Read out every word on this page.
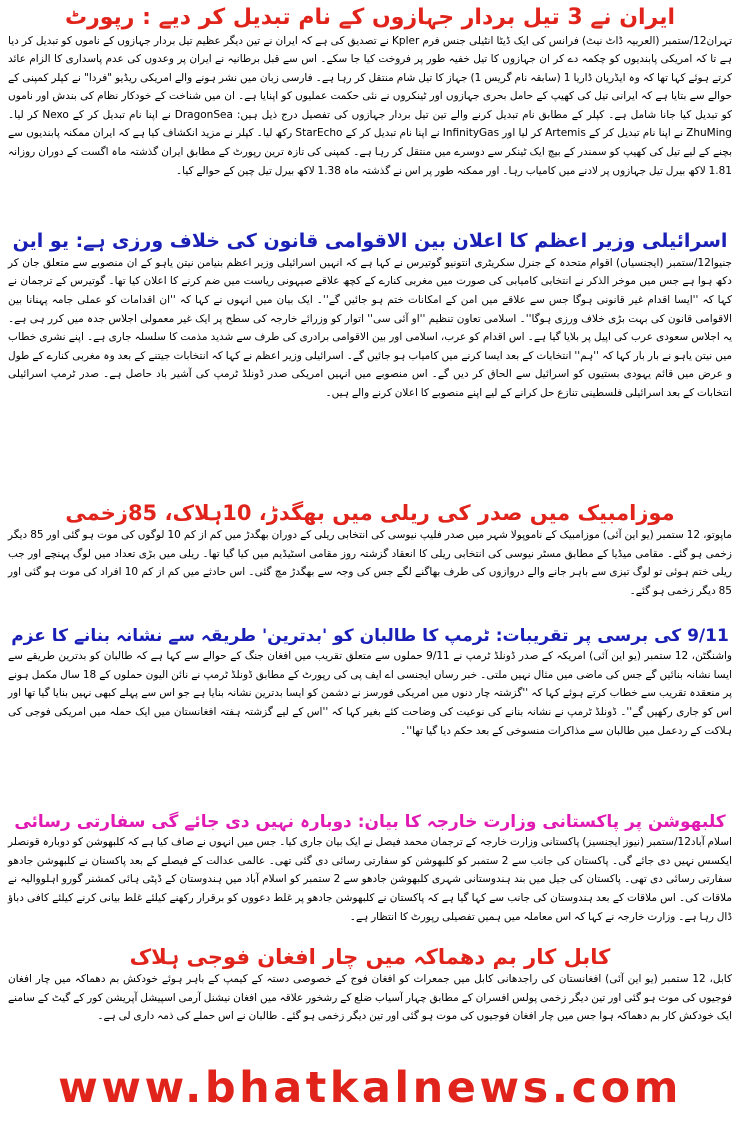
ایران نے 3 تیل بردار جہازوں کے نام تبدیل کر دیے : رپورٹ

تہران12/ستمبر (العربیہ ڈاٹ نیٹ) فرانس کی ایک ڈیٹا انٹیلی جنس فرم Kpler نے تصدیق کی ہے کہ ایران نے تین دیگر عظیم تیل بردار جہازوں کے ناموں کو تبدیل کر دیا ہے تا کہ امریکی پابندیوں کو چکمہ دے کر ان جہازوں کا تیل خفیہ طور پر فروخت کیا جا سکے۔ اس سے قبل برطانیہ نے ایران پر وعدوں کی عدم پاسداری کا الزام عائد کرتے ہوئے کہا تھا کہ وہ ایڈریان ڈاریا 1 (سابقہ نام گریس 1) جہاز کا تیل شام منتقل کر رہا ہے۔ فارسی زبان میں نشر ہونے والے امریکی ریڈیو "فردا" نے کپلر کمپنی کے حوالے سے بتایا ہے کہ ایرانی تیل کی کھیپ کے حامل بحری جہازوں اور ٹینکروں نے نئی حکمت عملیوں کو اپنایا ہے۔ ان میں شناخت کے خودکار نظام کی بندش اور ناموں کو تبدیل کیا جانا شامل ہے۔ کپلر کے مطابق نام تبدیل کرنے والے تین تیل بردار جہازوں کی تفصیل درج ذیل ہیں: DragonSea نے اپنا نام تبدیل کر کے Nexo کر لیا۔ ZhuMing نے اپنا نام تبدیل کر کے Artemis کر لیا اور InfinityGas نے اپنا نام تبدیل کر کے StarEcho رکھ لیا۔ کپلر نے مزید انکشاف کیا ہے کہ ایران ممکنہ پابندیوں سے بچنے کے لیے تیل کی کھیپ کو سمندر کے بیچ ایک ٹینکر سے دوسرے میں منتقل کر رہا ہے۔ کمپنی کی تازہ ترین رپورٹ کے مطابق ایران گذشتہ ماہ اگست کے دوران روزانہ 1.81 لاکھ بیرل تیل جہازوں پر لادنے میں کامیاب رہا۔ اور ممکنہ طور پر اس نے گذشتہ ماہ 1.38 لاکھ بیرل تیل چین کے حوالے کیا۔

اسرائیلی وزیر اعظم کا اعلان بین الاقوامی قانون کی خلاف ورزی ہے: یو این

جنیوا12/ستمبر (ایجنسیاں) اقوام متحدہ کے جنرل سکریٹری انتونیو گوتیرس نے کہا ہے کہ انہیں اسرائیلی وزیر اعظم بنیامن نیتن یاہو کے ان منصوبے سے متعلق جان کر دکھ ہوا ہے جس میں موخر الذکر نے انتخابی کامیابی کی صورت میں مغربی کنارے کے کچھ علاقے صیہونی ریاست میں ضم کرنے کا اعلان کیا تھا۔ گوتیرس کے ترجمان نے کہا کہ ''ایسا اقدام غیر قانونی ہوگا جس سے علاقے میں امن کے امکانات ختم ہو جائیں گے''۔ ایک بیان میں انہوں نے کہا کہ ''ان اقدامات کو عملی جامہ پہنانا بین الاقوامی قانون کی بہت بڑی خلاف ورزی ہوگا''۔ اسلامی تعاون تنظیم ''او آئی سی'' اتوار کو وزرائے خارجہ کی سطح پر ایک غیر معمولی اجلاس جدہ میں کرر ہی ہے۔ یہ اجلاس سعودی عرب کی اپیل پر بلایا گیا ہے۔ اس اقدام کو عرب، اسلامی اور بین الاقوامی برادری کی طرف سے شدید مذمت کا سلسلہ جاری ہے۔ اپنے نشری خطاب میں نیتن یاہو نے بار بار کہا کہ ''ہم'' انتخابات کے بعد ایسا کرنے میں کامیاب ہو جائیں گے۔ اسرائیلی وزیر اعظم نے کہا کہ انتخابات جیتنے کے بعد وہ مغربی کنارے کے طول و عرض میں قائم یہودی بستیوں کو اسرائیل سے الحاق کر دیں گے۔ اس منصوبے میں انہیں امریکی صدر ڈونلڈ ٹرمپ کی آشیر باد حاصل ہے۔ صدر ٹرمپ اسرائیلی انتخابات کے بعد اسرائیلی فلسطینی تنازع حل کرانے کے لیے اپنے منصوبے کا اعلان کرنے والے ہیں۔

موزامبیک میں صدر کی ریلی میں بھگدڑ، 10ہلاک، 85زخمی

ماپوتو، 12 ستمبر (یو این آئی) موزامبیک کے ناموپولا شہر میں صدر فلیپ نیوسی کی انتخابی ریلی کے دوران بھگدڑ میں کم از کم 10 لوگوں کی موت ہو گئی اور 85 دیگر زخمی ہو گئے۔ مقامی میڈیا کے مطابق مسٹر نیوسی کی انتخابی ریلی کا انعقاد گزشتہ روز مقامی اسٹیڈیم میں کیا گیا تھا۔ ریلی میں بڑی تعداد میں لوگ پہنچے اور جب ریلی ختم ہوئی تو لوگ تیزی سے باہر جانے والے دروازوں کی طرف بھاگنے لگے جس کی وجہ سے بھگدڑ مچ گئی۔ اس حادثے میں کم از کم 10 افراد کی موت ہو گئی اور 85 دیگر زخمی ہو گئے۔

9/11 کی برسی پر تقریبات: ٹرمپ کا طالبان کو 'بدترین' طریقہ سے نشانہ بنانے کا عزم

واشنگٹن، 12 ستمبر (یو این آئی) امریکہ کے صدر ڈونلڈ ٹرمپ نے 9/11 حملوں سے متعلق تقریب میں افغان جنگ کے حوالے سے کہا ہے کہ طالبان کو بدترین طریقے سے ایسا نشانہ بنائیں گے جس کی ماضی میں مثال نہیں ملتی۔ خبر رساں ایجنسی اے ایف پی کی رپورٹ کے مطابق ڈونلڈ ٹرمپ نے نائن الیون حملوں کے 18 سال مکمل ہونے پر منعقدہ تقریب سے خطاب کرتے ہوئے کہا کہ ''گزشتہ چار دنوں میں امریکی فورسز نے دشمن کو ایسا بدترین نشانہ بنایا ہے جو اس سے پہلے کبھی نہیں بنایا گیا تھا اور اس کو جاری رکھیں گے''۔ ڈونلڈ ٹرمپ نے نشانہ بنانے کی نوعیت کی وضاحت کئے بغیر کہا کہ ''اس کے لیے گزشتہ ہفتہ افغانستان میں ایک حملہ میں امریکی فوجی کی ہلاکت کے ردعمل میں طالبان سے مذاکرات منسوخی کے بعد حکم دیا گیا تھا''۔

کلبھوشن پر پاکستانی وزارت خارجہ کا بیان: دوبارہ نہیں دی جائے گی سفارتی رسائی

اسلام آباد12/ستمبر (نیوز ایجنسیز) پاکستانی وزارت خارجہ کے ترجمان محمد فیصل نے ایک بیان جاری کیا۔ جس میں انہوں نے صاف کیا ہے کہ کلبھوشن کو دوبارہ قونصلر ایکسس نہیں دی جائے گی۔ پاکستان کی جانب سے 2 ستمبر کو کلبھوشن کو سفارتی رسائی دی گئی تھی۔ عالمی عدالت کے فیصلے کے بعد پاکستان نے کلبھوشن جادھو سفارتی رسائی دی تھی۔ پاکستان کی جیل میں بند ہندوستانی شہری کلبھوشن جادھو سے 2 ستمبر کو اسلام آباد میں ہندوستان کے ڈپٹی ہائی کمشنر گورو اہلوواليہ نے ملاقات کی۔ اس ملاقات کے بعد ہندوستان کی جانب سے کہا گیا ہے کہ پاکستان نے کلبھوشن جادھو پر غلط دعووں کو برقرار رکھنے کیلئے غلط بیانی کرنے کیلئے کافی دباؤ ڈال رہا ہے۔ وزارت خارجہ نے کہا کہ اس معاملہ میں ہمیں تفصیلی رپورٹ کا انتظار ہے۔

کابل کار بم دھماکہ میں چار افغان فوجی ہلاک

کابل، 12 ستمبر (یو این آئی) افغانستان کی راجدھانی کابل میں جمعرات کو افغان فوج کے خصوصی دستہ کے کیمپ کے باہر ہوئے خودکش بم دھماکہ میں چار افغان فوجیوں کی موت ہو گئی اور تین دیگر زخمی پولس افسران کے مطابق چہار آسیاب ضلع کے رشخور علاقہ میں افغان نیشنل آرمی اسپیشل آپریشن کور کے گیٹ کے سامنے ایک خودکش کار بم دھماکہ ہوا جس میں چار افغان فوجیوں کی موت ہو گئی اور تین دیگر زخمی ہو گئے۔ طالبان نے اس حملے کی ذمہ داری لی ہے۔

www.bhatkalnews.com
